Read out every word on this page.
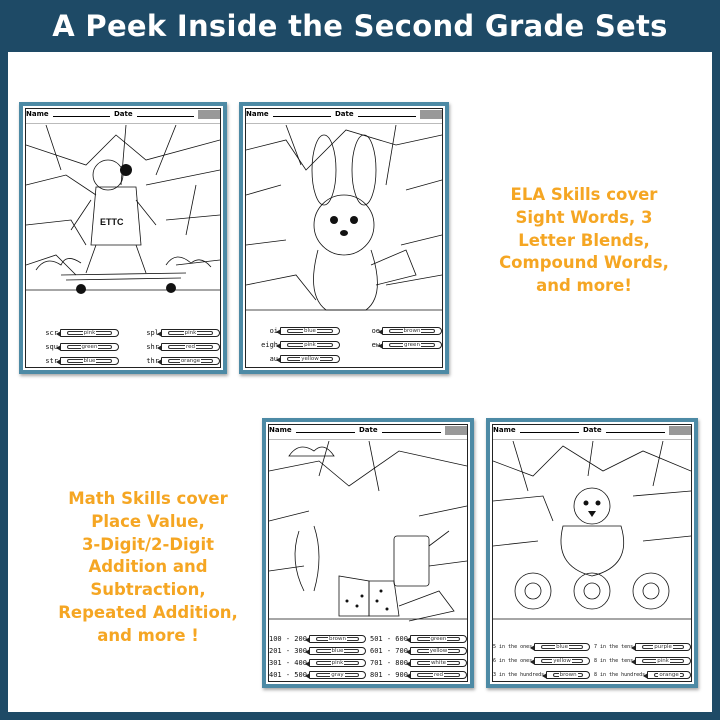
A Peek Inside the Second Grade Sets
Name	Date
ETTC
scr	pink	spl	pink
squ	green	shr	red
str	blue	thr	orange
Name	Date
oi	blue	oe	brown
eigh	pink	ew	green
au	yellow
ELA Skills cover
Sight Words, 3
Letter Blends,
Compound Words,
and more!
Math Skills cover
Place Value,
3-Digit/2-Digit
Addition and
Subtraction,
Repeated Addition,
and more !
Name	Date
100 - 200	brown	501 - 600	green
201 - 300	blue	601 - 700	yellow
301 - 400	pink	701 - 800	white
401 - 500	gray	801 - 900	red
Name	Date
5 in the ones	blue	7 in the tens	purple
6 in the ones	yellow	8 in the tens	pink
3 in the hundreds	brown	8 in the hundreds	orange
